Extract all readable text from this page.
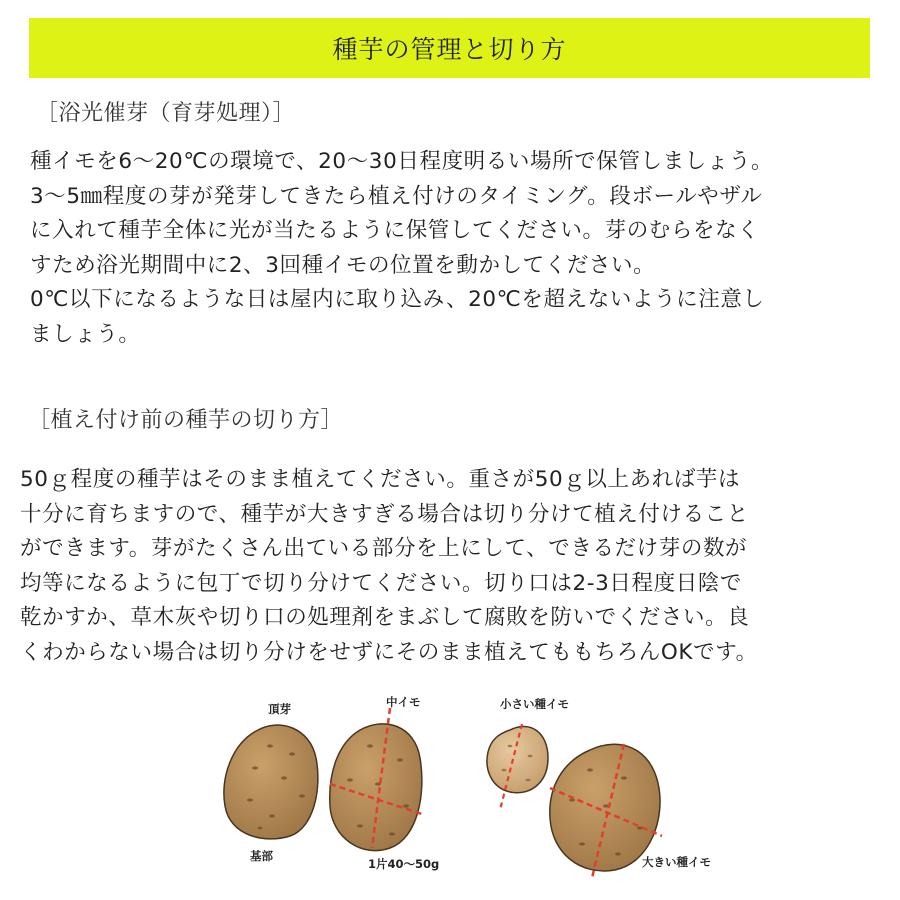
種芋の管理と切り方
［浴光催芽（育芽処理）］

種イモを6〜20℃の環境で、20〜30日程度明るい場所で保管しましょう。
3〜5㎜程度の芽が発芽してきたら植え付けのタイミング。段ボールやザル
に入れて種芋全体に光が当たるように保管してください。芽のむらをなく
すため浴光期間中に2、3回種イモの位置を動かしてください。
0℃以下になるような日は屋内に取り込み、20℃を超えないように注意し
ましょう。

［植え付け前の種芋の切り方］

50ｇ程度の種芋はそのまま植えてください。重さが50ｇ以上あれば芋は
十分に育ちますので、種芋が大きすぎる場合は切り分けて植え付けること
ができます。芽がたくさん出ている部分を上にして、できるだけ芽の数が
均等になるように包丁で切り分けてください。切り口は2-3日程度日陰で
乾かすか、草木灰や切り口の処理剤をまぶして腐敗を防いでください。良
くわからない場合は切り分けをせずにそのまま植えてももちろんOKです。

頂芽
基部
中イモ
1片40〜50g
小さい種イモ
大きい種イモ
